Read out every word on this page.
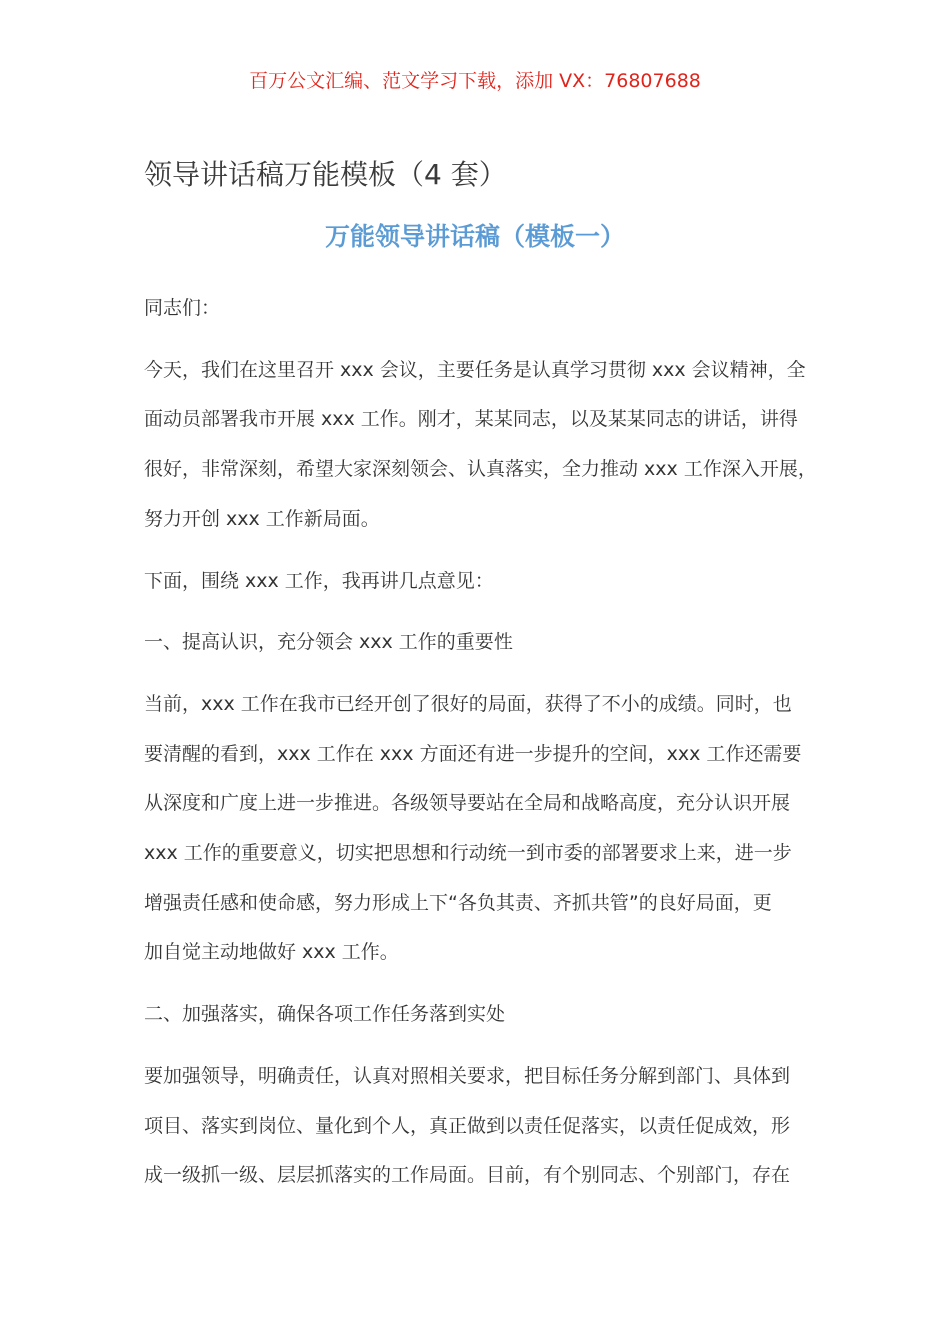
百万公文汇编、范文学习下载，添加 VX：76807688
领导讲话稿万能模板（4 套）
万能领导讲话稿（模板一）

同志们：

今天，我们在这里召开 xxx 会议，主要任务是认真学习贯彻 xxx 会议精神，全
面动员部署我市开展 xxx 工作。刚才，某某同志，以及某某同志的讲话，讲得
很好，非常深刻，希望大家深刻领会、认真落实，全力推动 xxx 工作深入开展，
努力开创 xxx 工作新局面。

下面，围绕 xxx 工作，我再讲几点意见：

一、提高认识，充分领会 xxx 工作的重要性

当前，xxx 工作在我市已经开创了很好的局面，获得了不小的成绩。同时，也
要清醒的看到，xxx 工作在 xxx 方面还有进一步提升的空间，xxx 工作还需要
从深度和广度上进一步推进。各级领导要站在全局和战略高度，充分认识开展
xxx 工作的重要意义，切实把思想和行动统一到市委的部署要求上来，进一步
增强责任感和使命感，努力形成上下“各负其责、齐抓共管”的良好局面，更
加自觉主动地做好 xxx 工作。

二、加强落实，确保各项工作任务落到实处

要加强领导，明确责任，认真对照相关要求，把目标任务分解到部门、具体到
项目、落实到岗位、量化到个人，真正做到以责任促落实，以责任促成效，形
成一级抓一级、层层抓落实的工作局面。目前，有个别同志、个别部门，存在
